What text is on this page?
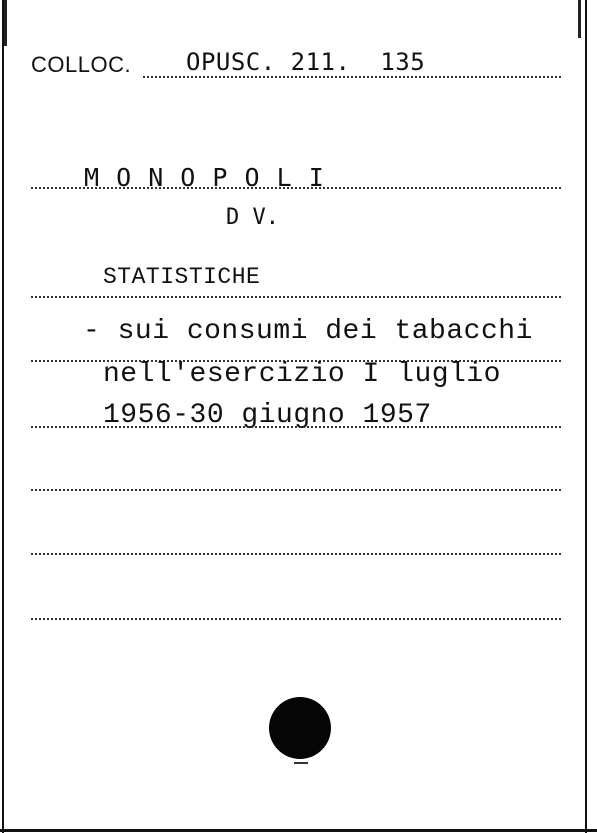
COLLOC. OPUSC. 211.  135
M O N O P O L I
D V.
STATISTICHE
- sui consumi dei tabacchi
nell'esercizio I luglio
1956-30 giugno 1957
